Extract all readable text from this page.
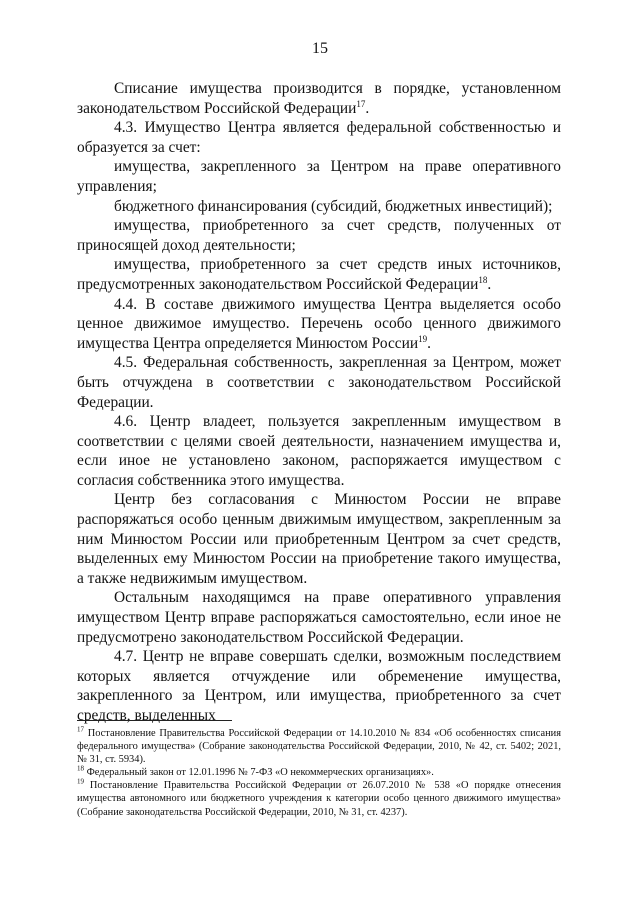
15

Списание имущества производится в порядке, установленном законодательством Российской Федерации$^{17}$.

4.3. Имущество Центра является федеральной собственностью и образуется за счет:

имущества, закрепленного за Центром на праве оперативного управления;

бюджетного финансирования (субсидий, бюджетных инвестиций);

имущества, приобретенного за счет средств, полученных от приносящей доход деятельности;

имущества, приобретенного за счет средств иных источников, предусмотренных законодательством Российской Федерации$^{18}$.

4.4. В составе движимого имущества Центра выделяется особо ценное движимое имущество. Перечень особо ценного движимого имущества Центра определяется Минюстом России$^{19}$.

4.5. Федеральная собственность, закрепленная за Центром, может быть отчуждена в соответствии с законодательством Российской Федерации.

4.6. Центр владеет, пользуется закрепленным имуществом в соответствии с целями своей деятельности, назначением имущества и, если иное не установлено законом, распоряжается имуществом с согласия собственника этого имущества.

Центр без согласования с Минюстом России не вправе распоряжаться особо ценным движимым имуществом, закрепленным за ним Минюстом России или приобретенным Центром за счет средств, выделенных ему Минюстом России на приобретение такого имущества, а также недвижимым имуществом.

Остальным находящимся на праве оперативного управления имуществом Центр вправе распоряжаться самостоятельно, если иное не предусмотрено законодательством Российской Федерации.

4.7. Центр не вправе совершать сделки, возможным последствием которых является отчуждение или обременение имущества, закрепленного за Центром, или имущества, приобретенного за счет средств, выделенных

$^{17}$ Постановление Правительства Российской Федерации от 14.10.2010 № 834 «Об особенностях списания федерального имущества» (Собрание законодательства Российской Федерации, 2010, № 42, ст. 5402; 2021, № 31, ст. 5934).

$^{18}$ Федеральный закон от 12.01.1996 № 7-ФЗ «О некоммерческих организациях».

$^{19}$ Постановление Правительства Российской Федерации от 26.07.2010 № 538 «О порядке отнесения имущества автономного или бюджетного учреждения к категории особо ценного движимого имущества» (Собрание законодательства Российской Федерации, 2010, № 31, ст. 4237).
